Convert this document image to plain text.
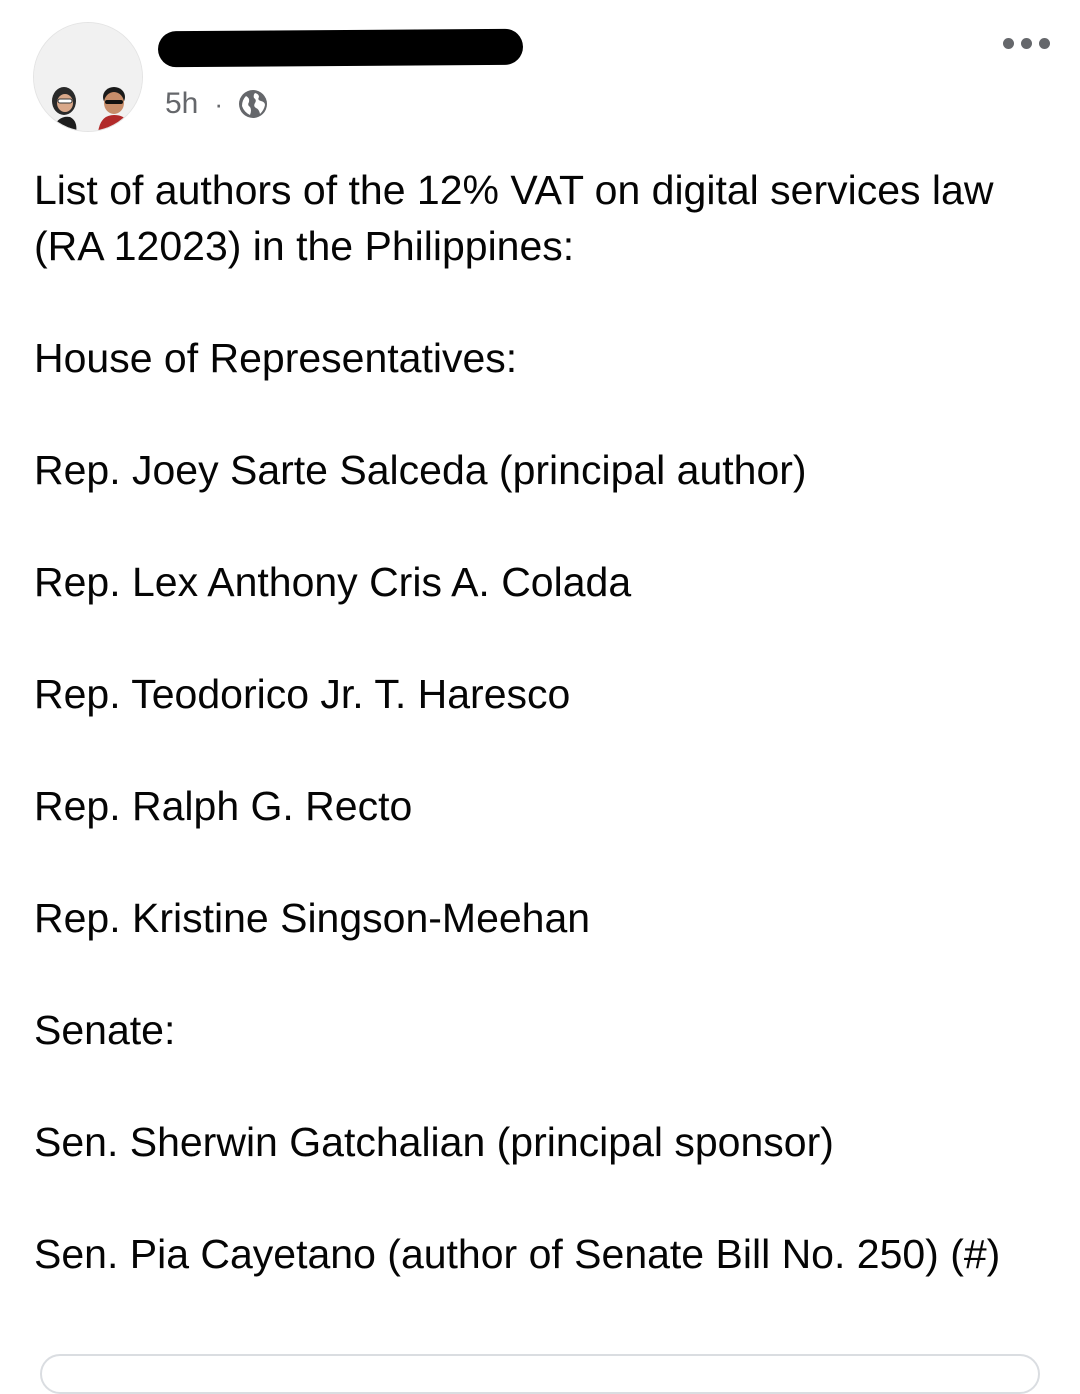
5h ·

List of authors of the 12% VAT on digital services law (RA 12023) in the Philippines:

House of Representatives:

Rep. Joey Sarte Salceda (principal author)

Rep. Lex Anthony Cris A. Colada

Rep. Teodorico Jr. T. Haresco

Rep. Ralph G. Recto

Rep. Kristine Singson-Meehan

Senate:

Sen. Sherwin Gatchalian (principal sponsor)

Sen. Pia Cayetano (author of Senate Bill No. 250) (#)
